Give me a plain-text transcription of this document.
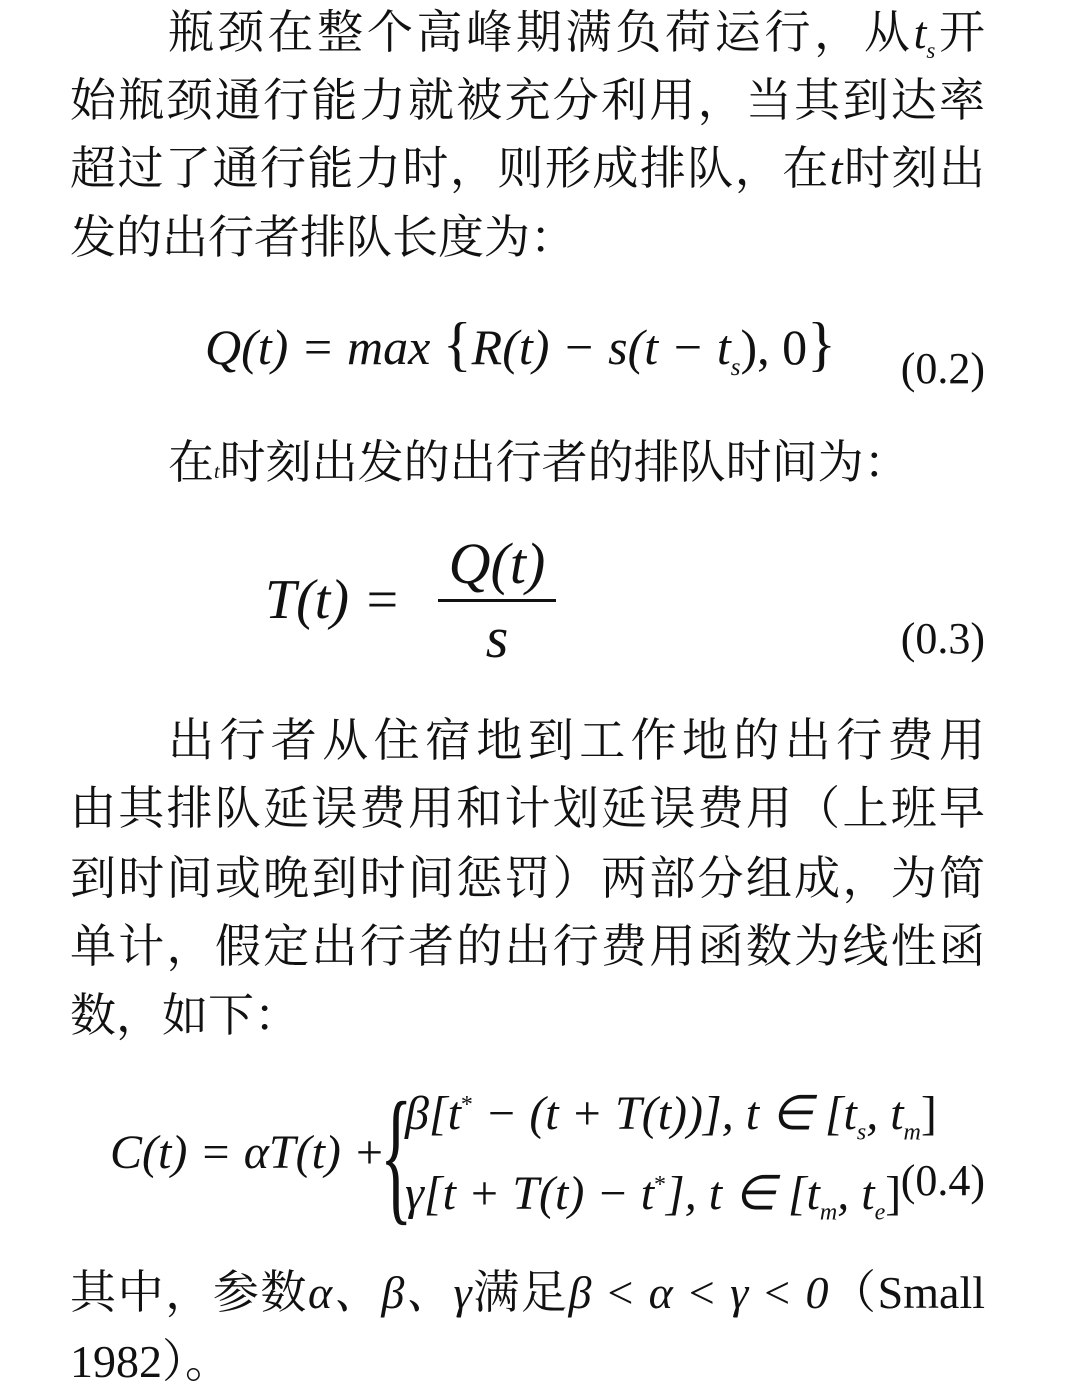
瓶颈在整个高峰期满负荷运行，从$t_s$开
始瓶颈通行能力就被充分利用，当其到达率
超过了通行能力时，则形成排队，在t时刻出
发的出行者排队长度为：
$Q(t) = \max \{R(t) - s(t - t_s)$, 0} (0.2)
在t时刻出发的出行者的排队时间为：
T(t) =
Q(t)
s	(0.3)
出行者从住宿地到工作地的出行费用
由其排队延误费用和计划延误费用（上班早
到时间或晚到时间惩罚）两部分组成，为简
单计，假定出行者的出行费用函数为线性函
数，如下：
C(t) = αT(t) +
{
β[t* − (t + T(t))], t ∈ [$t_s$, $t_m$]
γ[t + T(t) − t*], t ∈ [$t_m$, $t_e$] (0.4)
其中，参数α、β、γ满足β < α < γ < 0（Small
1982）。
